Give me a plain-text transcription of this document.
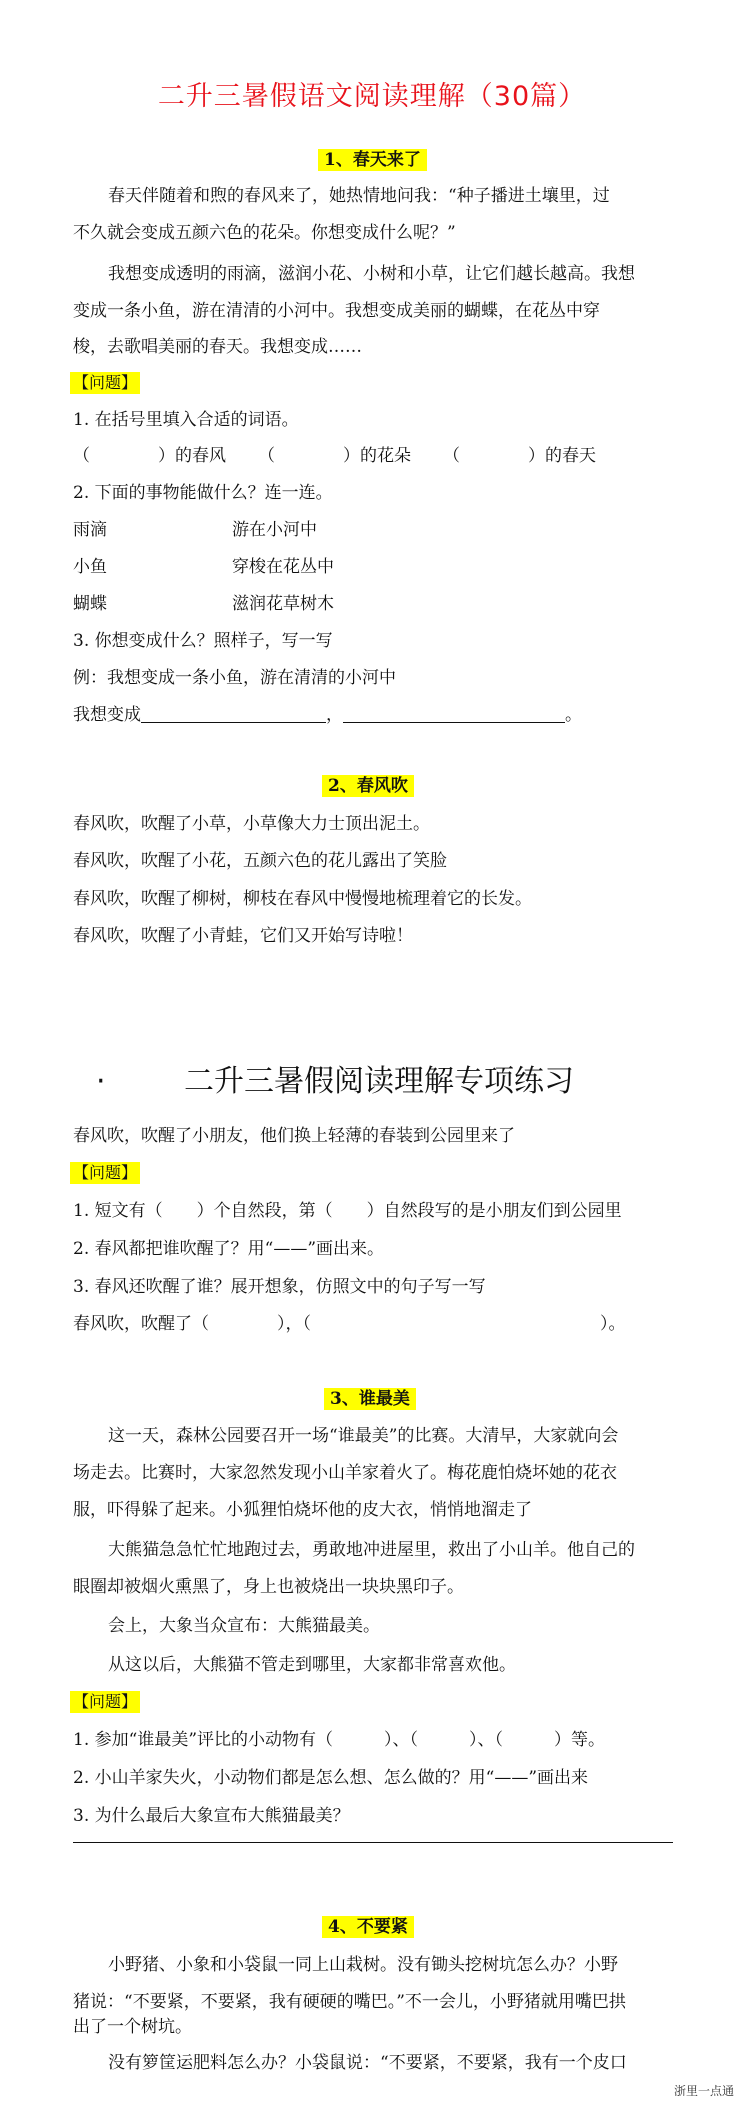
二升三暑假语文阅读理解（30篇）
1、春天来了
春天伴随着和煦的春风来了，她热情地问我：“种子播进土壤里，过
不久就会变成五颜六色的花朵。你想变成什么呢？”
我想变成透明的雨滴，滋润小花、小树和小草，让它们越长越高。我想
变成一条小鱼，游在清清的小河中。我想变成美丽的蝴蝶，在花丛中穿
梭，去歌唱美丽的春天。我想变成……
【问题】
1. 在括号里填入合适的词语。
（　　　　）的春风 （　　　　）的花朵 （　　　　）的春天
2. 下面的事物能做什么？连一连。
雨滴	游在小河中
小鱼	穿梭在花丛中
蝴蝶	滋润花草树木
3. 你想变成什么？照样子，写一写
例：我想变成一条小鱼，游在清清的小河中
我想变成	，	。
2、春风吹
春风吹，吹醒了小草，小草像大力士顶出泥土。
春风吹，吹醒了小花，五颜六色的花儿露出了笑脸
春风吹，吹醒了柳树，柳枝在春风中慢慢地梳理着它的长发。
春风吹，吹醒了小青蛙，它们又开始写诗啦！
·	二升三暑假阅读理解专项练习
春风吹，吹醒了小朋友，他们换上轻薄的春装到公园里来了
【问题】
1. 短文有（　　）个自然段，第（　　）自然段写的是小朋友们到公园里
2. 春风都把谁吹醒了？用“——”画出来。
3. 春风还吹醒了谁？展开想象，仿照文中的句子写一写
春风吹，吹醒了（　　　　），（　　　　　　　　　　　　　　　　　）。
3、谁最美
这一天，森林公园要召开一场“谁最美”的比赛。大清早，大家就向会
场走去。比赛时，大家忽然发现小山羊家着火了。梅花鹿怕烧坏她的花衣
服，吓得躲了起来。小狐狸怕烧坏他的皮大衣，悄悄地溜走了
大熊猫急急忙忙地跑过去，勇敢地冲进屋里，救出了小山羊。他自己的
眼圈却被烟火熏黑了，身上也被烧出一块块黑印子。
会上，大象当众宣布：大熊猫最美。
从这以后，大熊猫不管走到哪里，大家都非常喜欢他。
【问题】
1. 参加“谁最美”评比的小动物有（　　　）、（　　　）、（　　　）等。
2. 小山羊家失火，小动物们都是怎么想、怎么做的？用“——”画出来
3. 为什么最后大象宣布大熊猫最美？
4、不要紧
小野猪、小象和小袋鼠一同上山栽树。没有锄头挖树坑怎么办？小野
猪说：“不要紧，不要紧，我有硬硬的嘴巴。”不一会儿，小野猪就用嘴巴拱
出了一个树坑。
没有箩筐运肥料怎么办？小袋鼠说：“不要紧，不要紧，我有一个皮口
浙里一点通
